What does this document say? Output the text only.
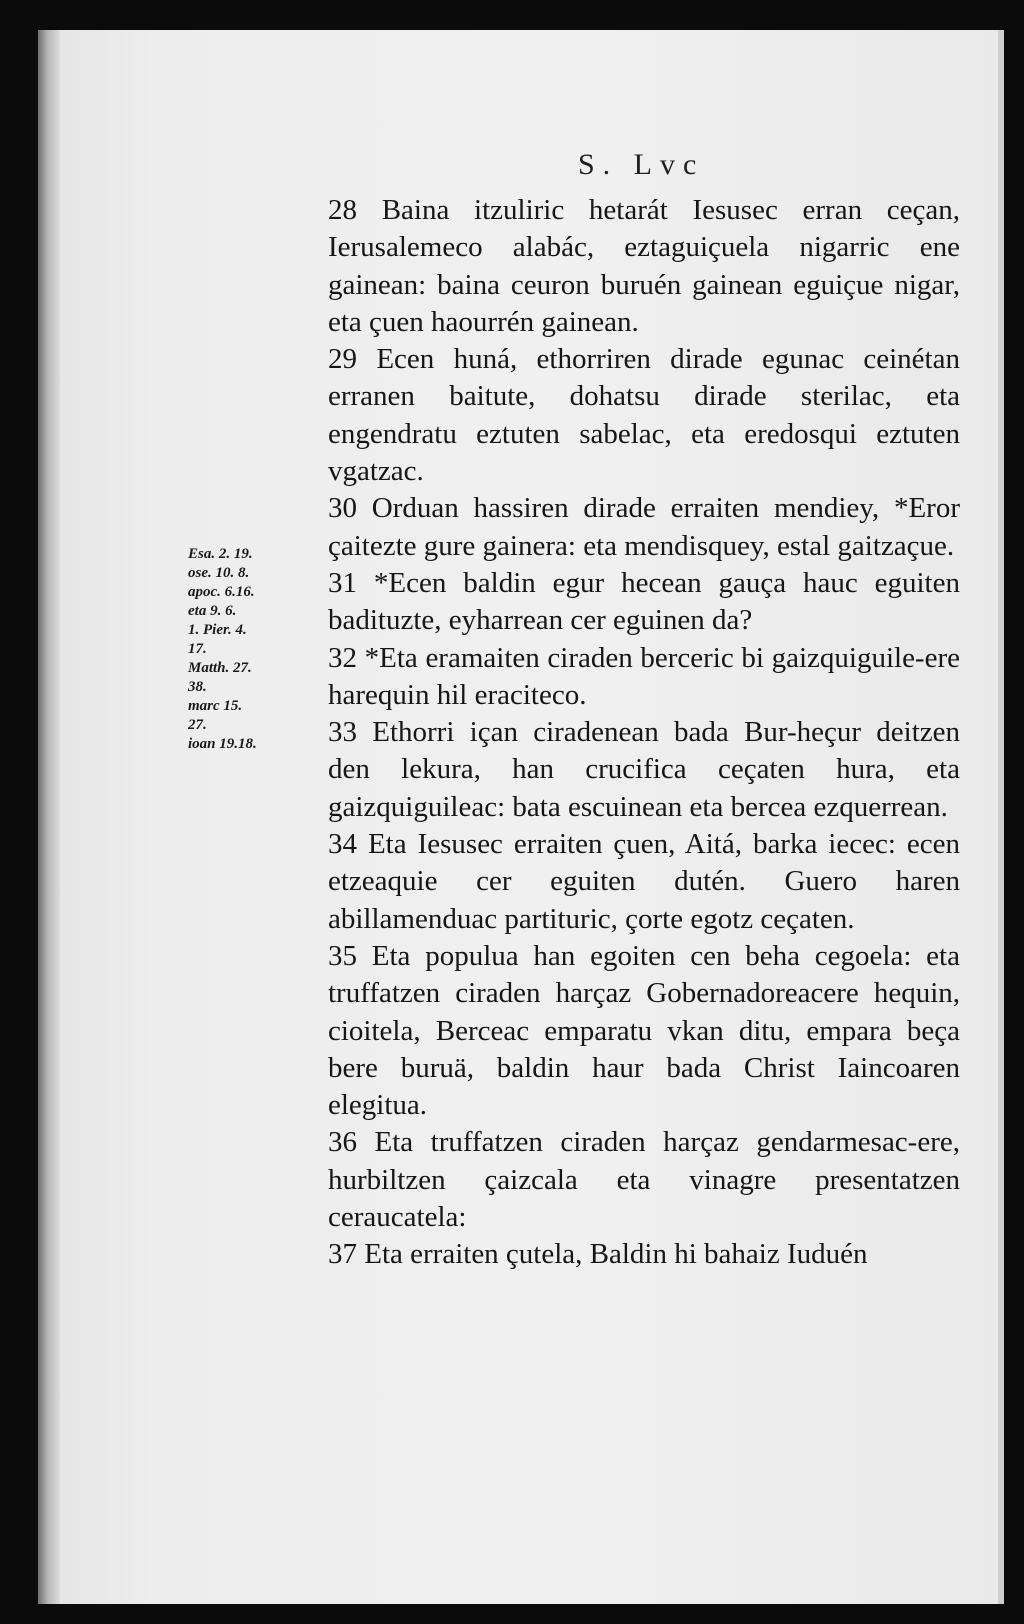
S. Lvc

28 Baina itzuliric hetarát Iesusec erran ceçan, Ierusalemeco alabác, eztaguiçuela nigarric ene gainean: baina ceuron buruén gainean eguiçue nigar, eta çuen haourrén gainean.

29 Ecen huná, ethorriren dirade egunac ceinétan erranen baitute, dohatsu dirade sterilac, eta engendratu eztuten sabelac, eta eredosqui eztuten vgatzac.

30 Orduan hassiren dirade erraiten mendiey, *Eror çaitezte gure gainera: eta mendisquey, estal gaitzaçue.

31 *Ecen baldin egur hecean gauça hauc eguiten badituzte, eyharrean cer eguinen da?

32 *Eta eramaiten ciraden berceric bi gaizquiguile-ere harequin hil eraciteco.

33 Ethorri içan ciradenean bada Bur-heçur deitzen den lekura, han crucifica ceçaten hura, eta gaizquiguileac: bata escuinean eta bercea ezquerrean.

34 Eta Iesusec erraiten çuen, Aitá, barka iecec: ecen etzeaquie cer eguiten dutén. Guero haren abillamenduac partituric, çorte egotz ceçaten.

35 Eta populua han egoiten cen beha cegoela: eta truffatzen ciraden harçaz Gobernadoreacere hequin, cioitela, Berceac emparatu vkan ditu, empara beça bere buruä, baldin haur bada Christ Iaincoaren elegitua.

36 Eta truffatzen ciraden harçaz gendarmesac-ere, hurbiltzen çaizcala eta vinagre presentatzen ceraucatela:

37 Eta erraiten çutela, Baldin hi bahaiz Iuduén

Esa. 2. 19.
ose. 10. 8.
apoc. 6.16.
eta 9. 6.
1. Pier. 4.
17.
Matth. 27.
38.
marc 15.
27.
ioan 19.18.
